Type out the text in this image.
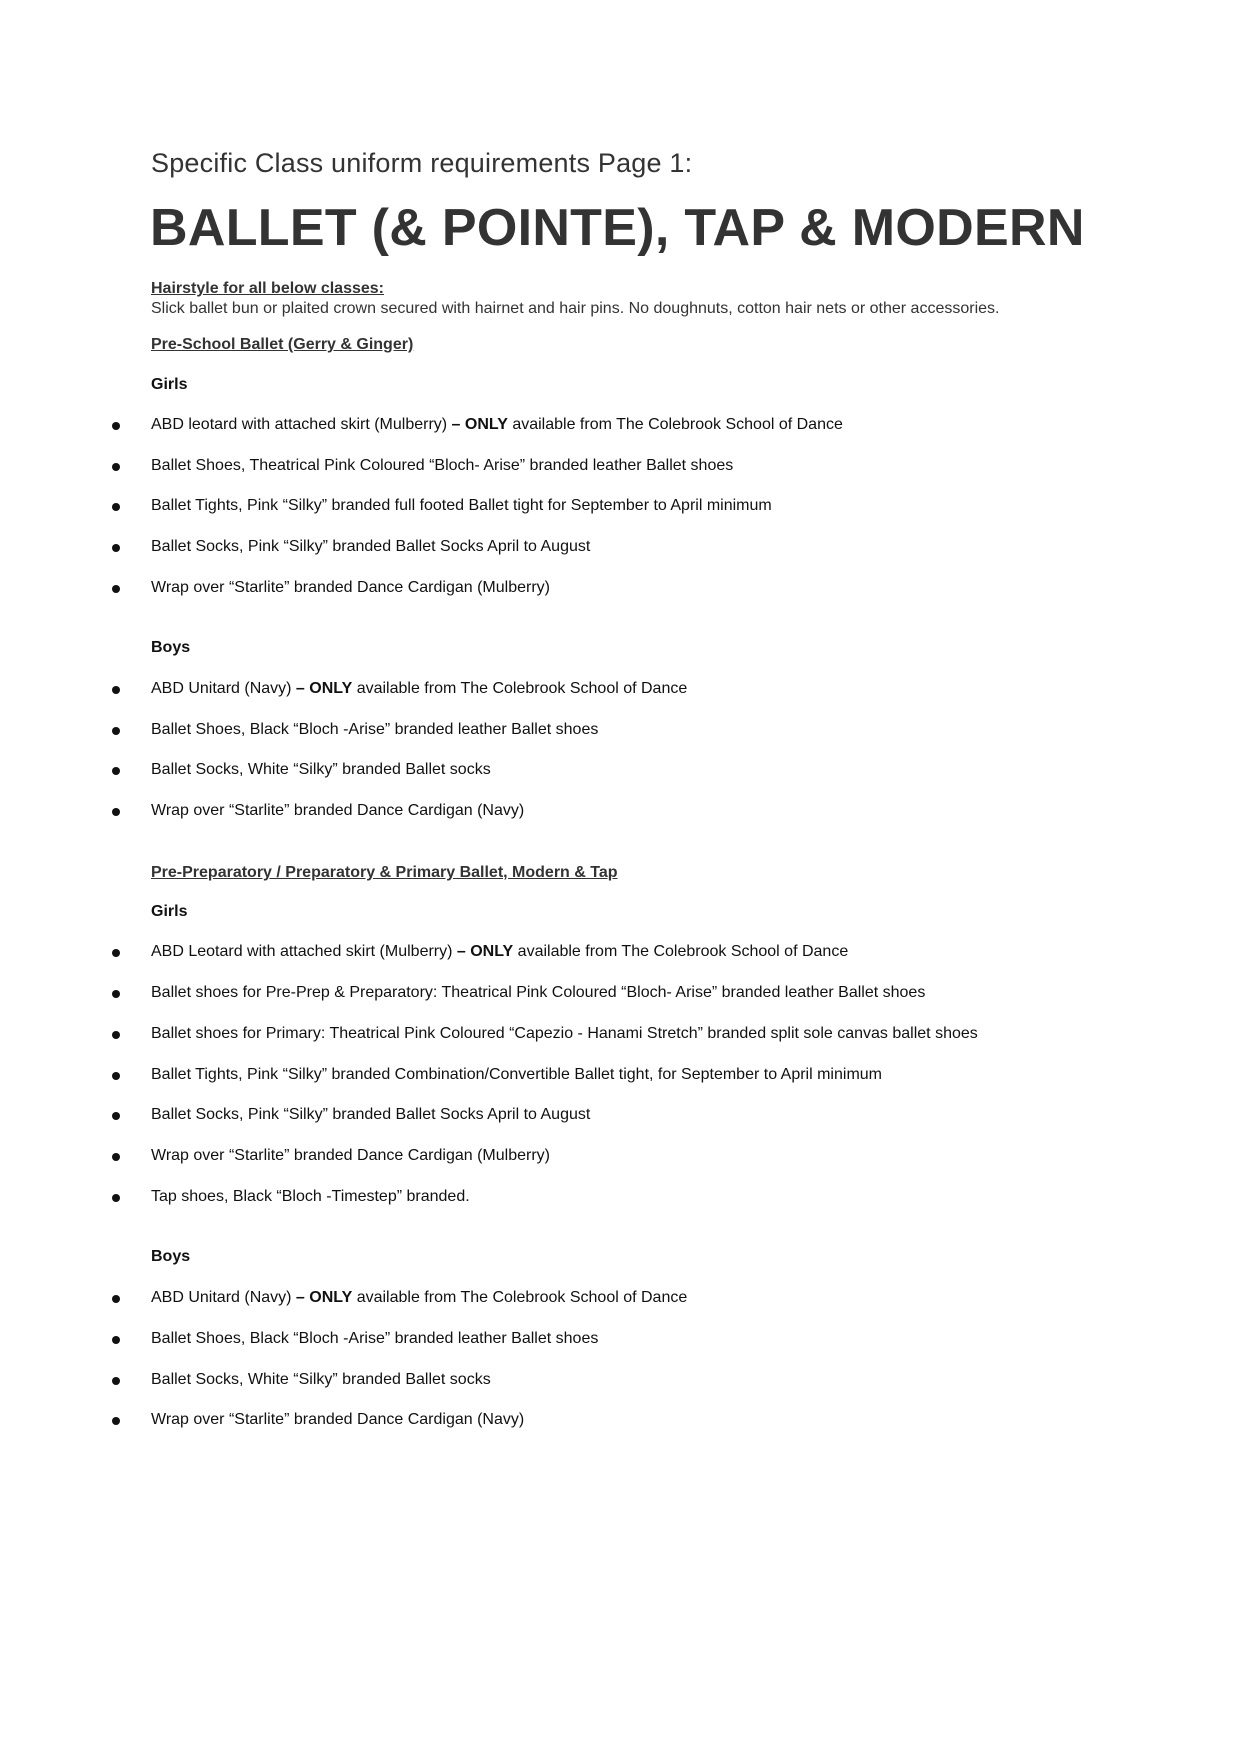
Specific Class uniform requirements Page 1:
BALLET (& POINTE), TAP & MODERN
Hairstyle for all below classes:
Slick ballet bun or plaited crown secured with hairnet and hair pins. No doughnuts, cotton hair nets or other accessories.
Pre-School Ballet (Gerry & Ginger)
Girls
ABD leotard with attached skirt (Mulberry) – ONLY available from The Colebrook School of Dance
Ballet Shoes, Theatrical Pink Coloured “Bloch- Arise” branded leather Ballet shoes
Ballet Tights, Pink “Silky” branded full footed Ballet tight for September to April minimum
Ballet Socks, Pink “Silky” branded Ballet Socks April to August
Wrap over “Starlite” branded Dance Cardigan (Mulberry)
Boys
ABD Unitard (Navy) – ONLY available from The Colebrook School of Dance
Ballet Shoes, Black “Bloch -Arise” branded leather Ballet shoes
Ballet Socks, White “Silky” branded Ballet socks
Wrap over “Starlite” branded Dance Cardigan (Navy)
Pre-Preparatory / Preparatory & Primary Ballet, Modern & Tap
Girls
ABD Leotard with attached skirt (Mulberry) – ONLY available from The Colebrook School of Dance
Ballet shoes for Pre-Prep & Preparatory: Theatrical Pink Coloured “Bloch- Arise” branded leather Ballet shoes
Ballet shoes for Primary: Theatrical Pink Coloured “Capezio - Hanami Stretch” branded split sole canvas ballet shoes
Ballet Tights, Pink “Silky” branded Combination/Convertible Ballet tight, for September to April minimum
Ballet Socks, Pink “Silky” branded Ballet Socks April to August
Wrap over “Starlite” branded Dance Cardigan (Mulberry)
Tap shoes, Black “Bloch -Timestep” branded.
Boys
ABD Unitard (Navy) – ONLY available from The Colebrook School of Dance
Ballet Shoes, Black “Bloch -Arise” branded leather Ballet shoes
Ballet Socks, White “Silky” branded Ballet socks
Wrap over “Starlite” branded Dance Cardigan (Navy)
